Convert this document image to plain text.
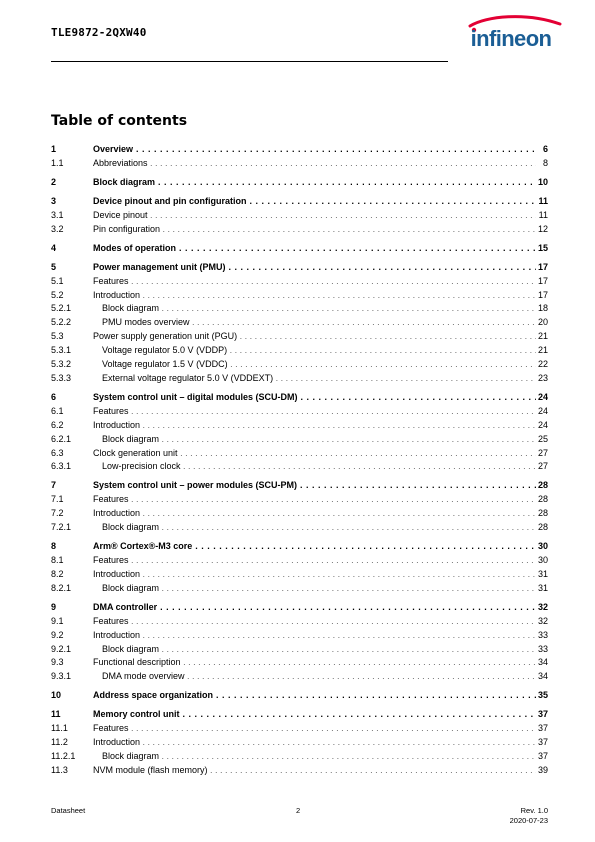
TLE9872-2QXW40	infineon
Table of contents
1	Overview . . .	6
1.1	Abbreviations . . .	8
2	Block diagram . . .	10
3	Device pinout and pin configuration . . .	11
3.1	Device pinout . . .	11
3.2	Pin configuration . . .	12
4	Modes of operation . . .	15
5	Power management unit (PMU) . . .	17
5.1	Features . . .	17
5.2	Introduction . . .	17
5.2.1	Block diagram . . .	18
5.2.2	PMU modes overview . . .	20
5.3	Power supply generation unit (PGU) . . .	21
5.3.1	Voltage regulator 5.0 V (VDDP) . . .	21
5.3.2	Voltage regulator 1.5 V (VDDC) . . .	22
5.3.3	External voltage regulator 5.0 V (VDDEXT) . . .	23
6	System control unit – digital modules (SCU-DM) . . .	24
6.1	Features . . .	24
6.2	Introduction . . .	24
6.2.1	Block diagram . . .	25
6.3	Clock generation unit . . .	27
6.3.1	Low-precision clock . . .	27
7	System control unit – power modules (SCU-PM) . . .	28
7.1	Features . . .	28
7.2	Introduction . . .	28
7.2.1	Block diagram . . .	28
8	Arm® Cortex®-M3 core . . .	30
8.1	Features . . .	30
8.2	Introduction . . .	31
8.2.1	Block diagram . . .	31
9	DMA controller . . .	32
9.1	Features . . .	32
9.2	Introduction . . .	33
9.2.1	Block diagram . . .	33
9.3	Functional description . . .	34
9.3.1	DMA mode overview . . .	34
10	Address space organization . . .	35
11	Memory control unit . . .	37
11.1	Features . . .	37
11.2	Introduction . . .	37
11.2.1	Block diagram . . .	37
11.3	NVM module (flash memory) . . .	39
Datasheet	2	Rev. 1.0
2020-07-23
